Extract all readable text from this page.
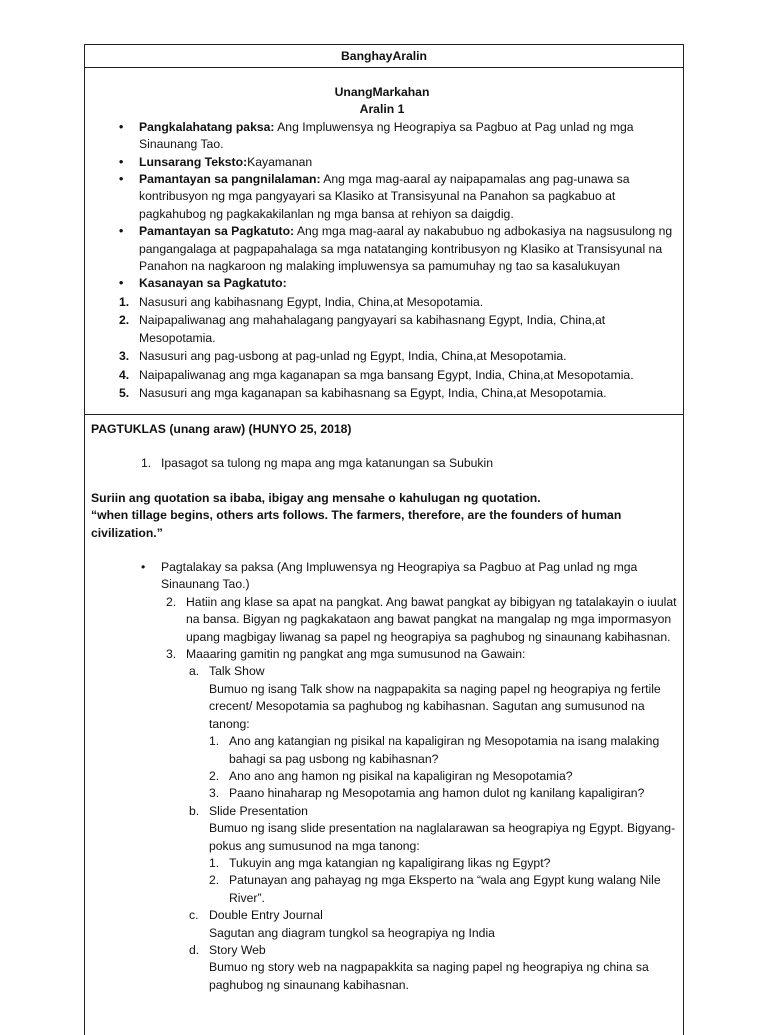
BanghayAralin
UnangMarkahan
Aralin 1
• Pangkalahatang paksa: Ang Impluwensya ng Heograpiya sa Pagbuo at Pag unlad ng mga Sinaunang Tao.
• Lunsarang Teksto:Kayamanan
• Pamantayan sa pangnilalaman: Ang mga mag-aaral ay naipapamalas ang pag-unawa sa kontribusyon ng mga pangyayari sa Klasiko at Transisyunal na Panahon sa pagkabuo at pagkahubog ng pagkakakilanlan ng mga bansa at rehiyon sa daigdig.
• Pamantayan sa Pagkatuto: Ang mga mag-aaral ay nakabubuo ng adbokasiya na nagsusulong ng pangangalaga at pagpapahalaga sa mga natatanging kontribusyon ng Klasiko at Transisyunal na Panahon na nagkaroon ng malaking impluwensya sa pamumuhay ng tao sa kasalukuyan
• Kasanayan sa Pagkatuto:
1. Nasusuri ang kabihasnang Egypt, India, China,at Mesopotamia.
2. Naipapaliwanag ang mahahalagang pangyayari sa kabihasnang Egypt, India, China,at Mesopotamia.
3. Nasusuri ang pag-usbong at pag-unlad ng Egypt, India, China,at Mesopotamia.
4. Naipapaliwanag ang mga kaganapan sa mga bansang Egypt, India, China,at Mesopotamia.
5. Nasusuri ang mga kaganapan sa kabihasnang sa Egypt, India, China,at Mesopotamia.
PAGTUKLAS (unang araw) (HUNYO 25, 2018)
1. Ipasagot sa tulong ng mapa ang mga katanungan sa Subukin
Suriin ang quotation sa ibaba, ibigay ang mensahe o kahulugan ng quotation.
“when tillage begins, others arts follows. The farmers, therefore, are the founders of human civilization.”
• Pagtalakay sa paksa (Ang Impluwensya ng Heograpiya sa Pagbuo at Pag unlad ng mga Sinaunang Tao.)
2. Hatiin ang klase sa apat na pangkat. Ang bawat pangkat ay bibigyan ng tatalakayin o iuulat na bansa. Bigyan ng pagkakataon ang bawat pangkat na mangalap ng mga impormasyon upang magbigay liwanag sa papel ng heograpiya sa paghubog ng sinaunang kabihasnan.
3. Maaaring gamitin ng pangkat ang mga sumusunod na Gawain:
a. Talk Show
Bumuo ng isang Talk show na nagpapakita sa naging papel ng heograpiya ng fertile crecent/ Mesopotamia sa paghubog ng kabihasnan. Sagutan ang sumusunod na tanong:
1. Ano ang katangian ng pisikal na kapaligiran ng Mesopotamia na isang malaking bahagi sa pag usbong ng kabihasnan?
2. Ano ano ang hamon ng pisikal na kapaligiran ng Mesopotamia?
3. Paano hinaharap ng Mesopotamia ang hamon dulot ng kanilang kapaligiran?
b. Slide Presentation
Bumuo ng isang slide presentation na naglalarawan sa heograpiya ng Egypt. Bigyang-pokus ang sumusunod na mga tanong:
1. Tukuyin ang mga katangian ng kapaligirang likas ng Egypt?
2. Patunayan ang pahayag ng mga Eksperto na “wala ang Egypt kung walang Nile River”.
c. Double Entry Journal
Sagutan ang diagram tungkol sa heograpiya ng India
d. Story Web
Bumuo ng story web na nagpapakkita sa naging papel ng heograpiya ng china sa paghubog ng sinaunang kabihasnan.
